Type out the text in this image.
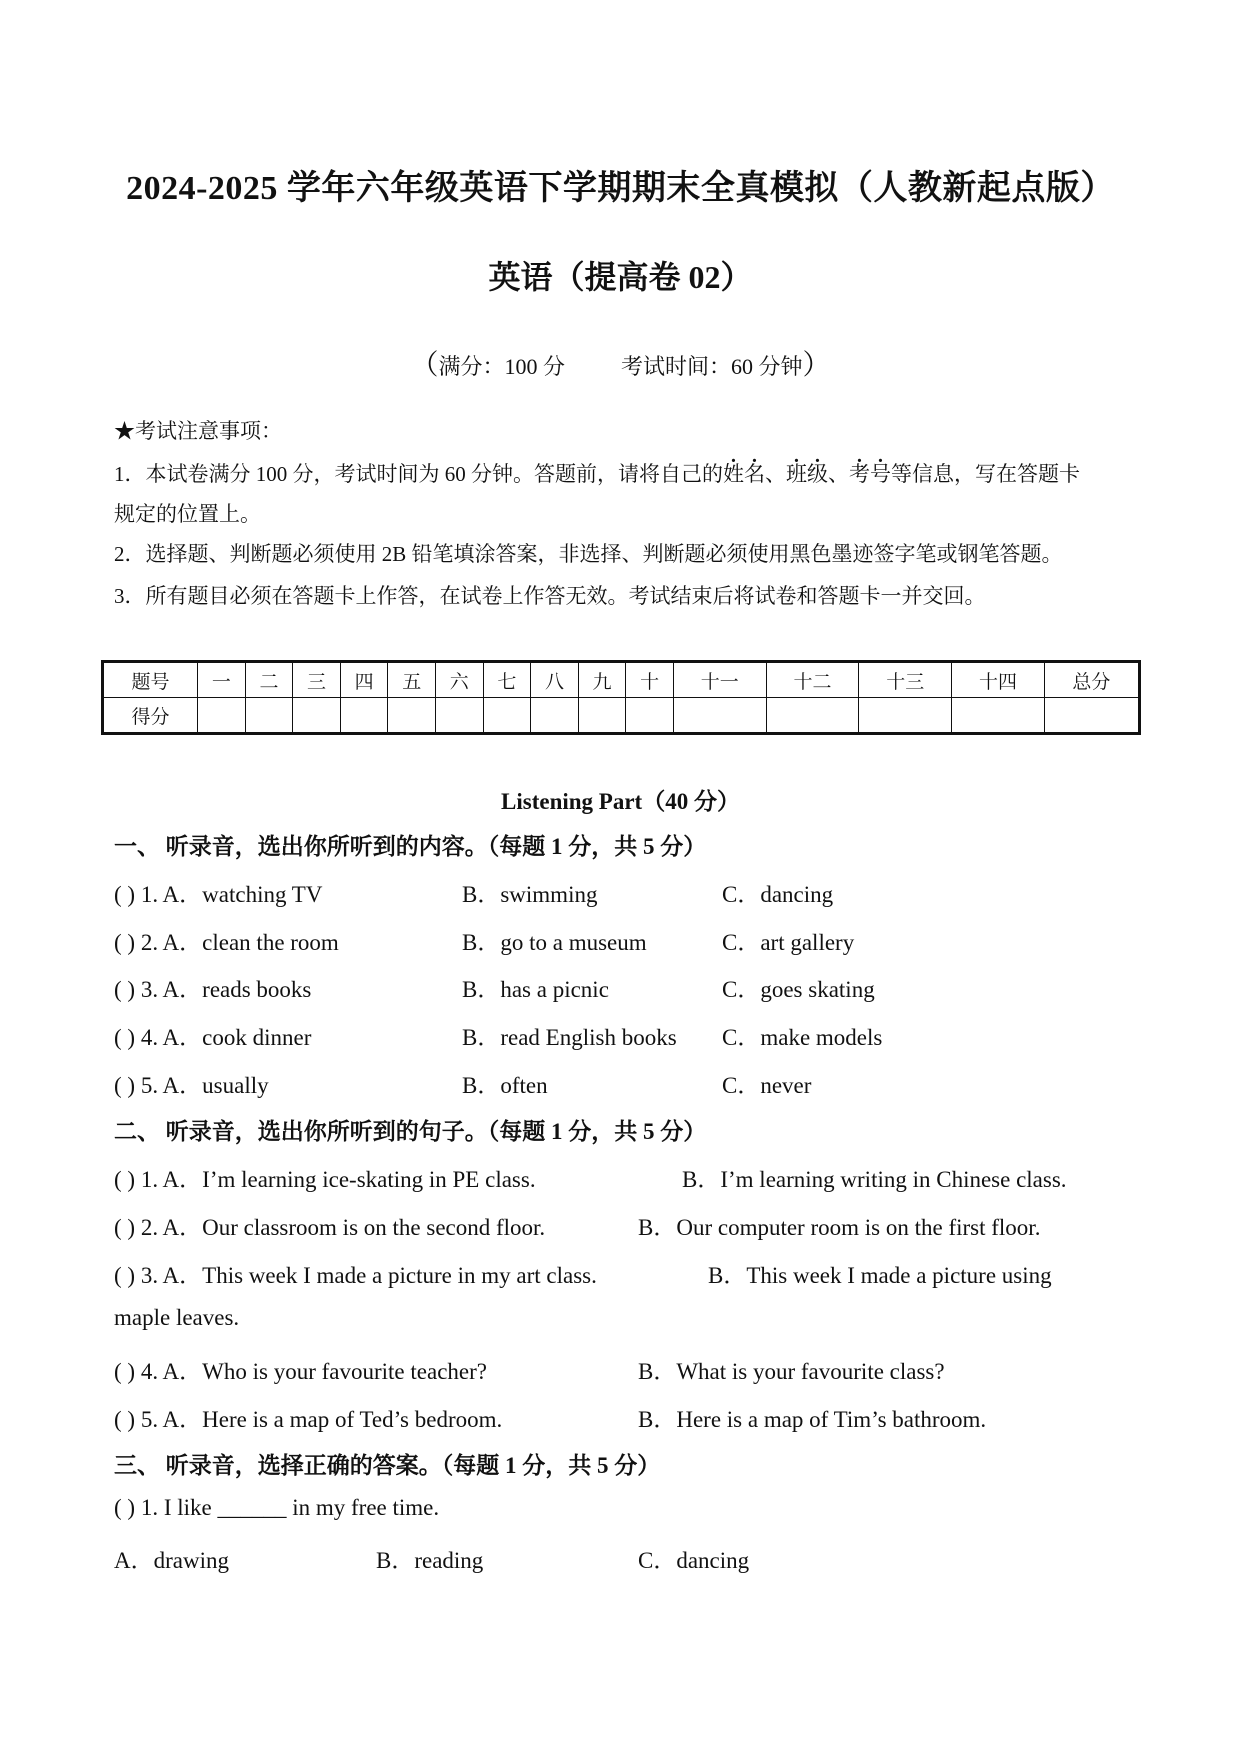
2024-2025 学年六年级英语下学期期末全真模拟（人教新起点版）
英语（提高卷 02）
（满分：100 分	考试时间：60 分钟）
★考试注意事项：
1．本试卷满分 100 分，考试时间为 60 分钟。答题前，请将自己的姓名、班级、考号等信息，写在答题卡
规定的位置上。
2．选择题、判断题必须使用 2B 铅笔填涂答案，非选择、判断题必须使用黑色墨迹签字笔或钢笔答题。
3．所有题目必须在答题卡上作答，在试卷上作答无效。考试结束后将试卷和答题卡一并交回。
题号	一	二	三	四	五	六	七	八	九	十	十一	十二	十三	十四	总分
得分															
Listening Part（40 分）
一、 听录音，选出你所听到的内容。（每题 1 分，共 5 分）
( ) 1. A．watching TV	B．swimming	C．dancing
( ) 2. A．clean the room	B．go to a museum	C．art gallery
( ) 3. A．reads books	B．has a picnic	C．goes skating
( ) 4. A．cook dinner	B．read English books C．make models
( ) 5. A．usually	B．often	C．never
二、 听录音，选出你所听到的句子。（每题 1 分，共 5 分）
( ) 1. A．I’m learning ice-skating in PE class.	B．I’m learning writing in Chinese class.
( ) 2. A．Our classroom is on the second floor.	B．Our computer room is on the first floor.
( ) 3. A．This week I made a picture in my art class.	B．This week I made a picture using
maple leaves.
( ) 4. A．Who is your favourite teacher?	B．What is your favourite class?
( ) 5. A．Here is a map of Ted’s bedroom.	B．Here is a map of Tim’s bathroom.
三、 听录音，选择正确的答案。（每题 1 分，共 5 分）
( ) 1. I like ______ in my free time.
A．drawing	B．reading	C．dancing
